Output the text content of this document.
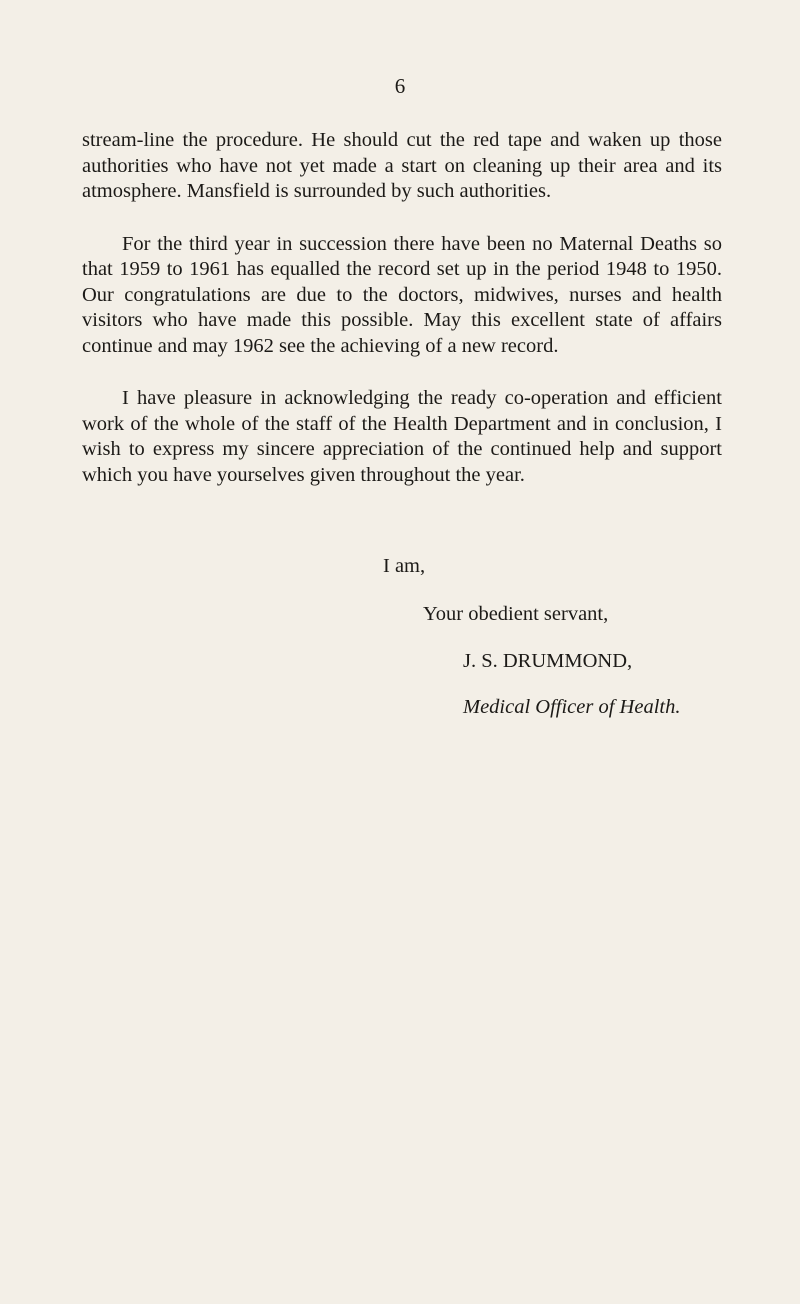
6

stream-line the procedure. He should cut the red tape and waken up those authorities who have not yet made a start on cleaning up their area and its atmosphere. Mansfield is surrounded by such authorities.

For the third year in succession there have been no Maternal Deaths so that 1959 to 1961 has equalled the record set up in the period 1948 to 1950. Our congratulations are due to the doctors, midwives, nurses and health visitors who have made this possible. May this excellent state of affairs continue and may 1962 see the achieving of a new record.

I have pleasure in acknowledging the ready co-operation and efficient work of the whole of the staff of the Health Department and in conclusion, I wish to express my sincere appreciation of the continued help and support which you have yourselves given throughout the year.

I am,
Your obedient servant,
J. S. DRUMMOND,
Medical Officer of Health.
